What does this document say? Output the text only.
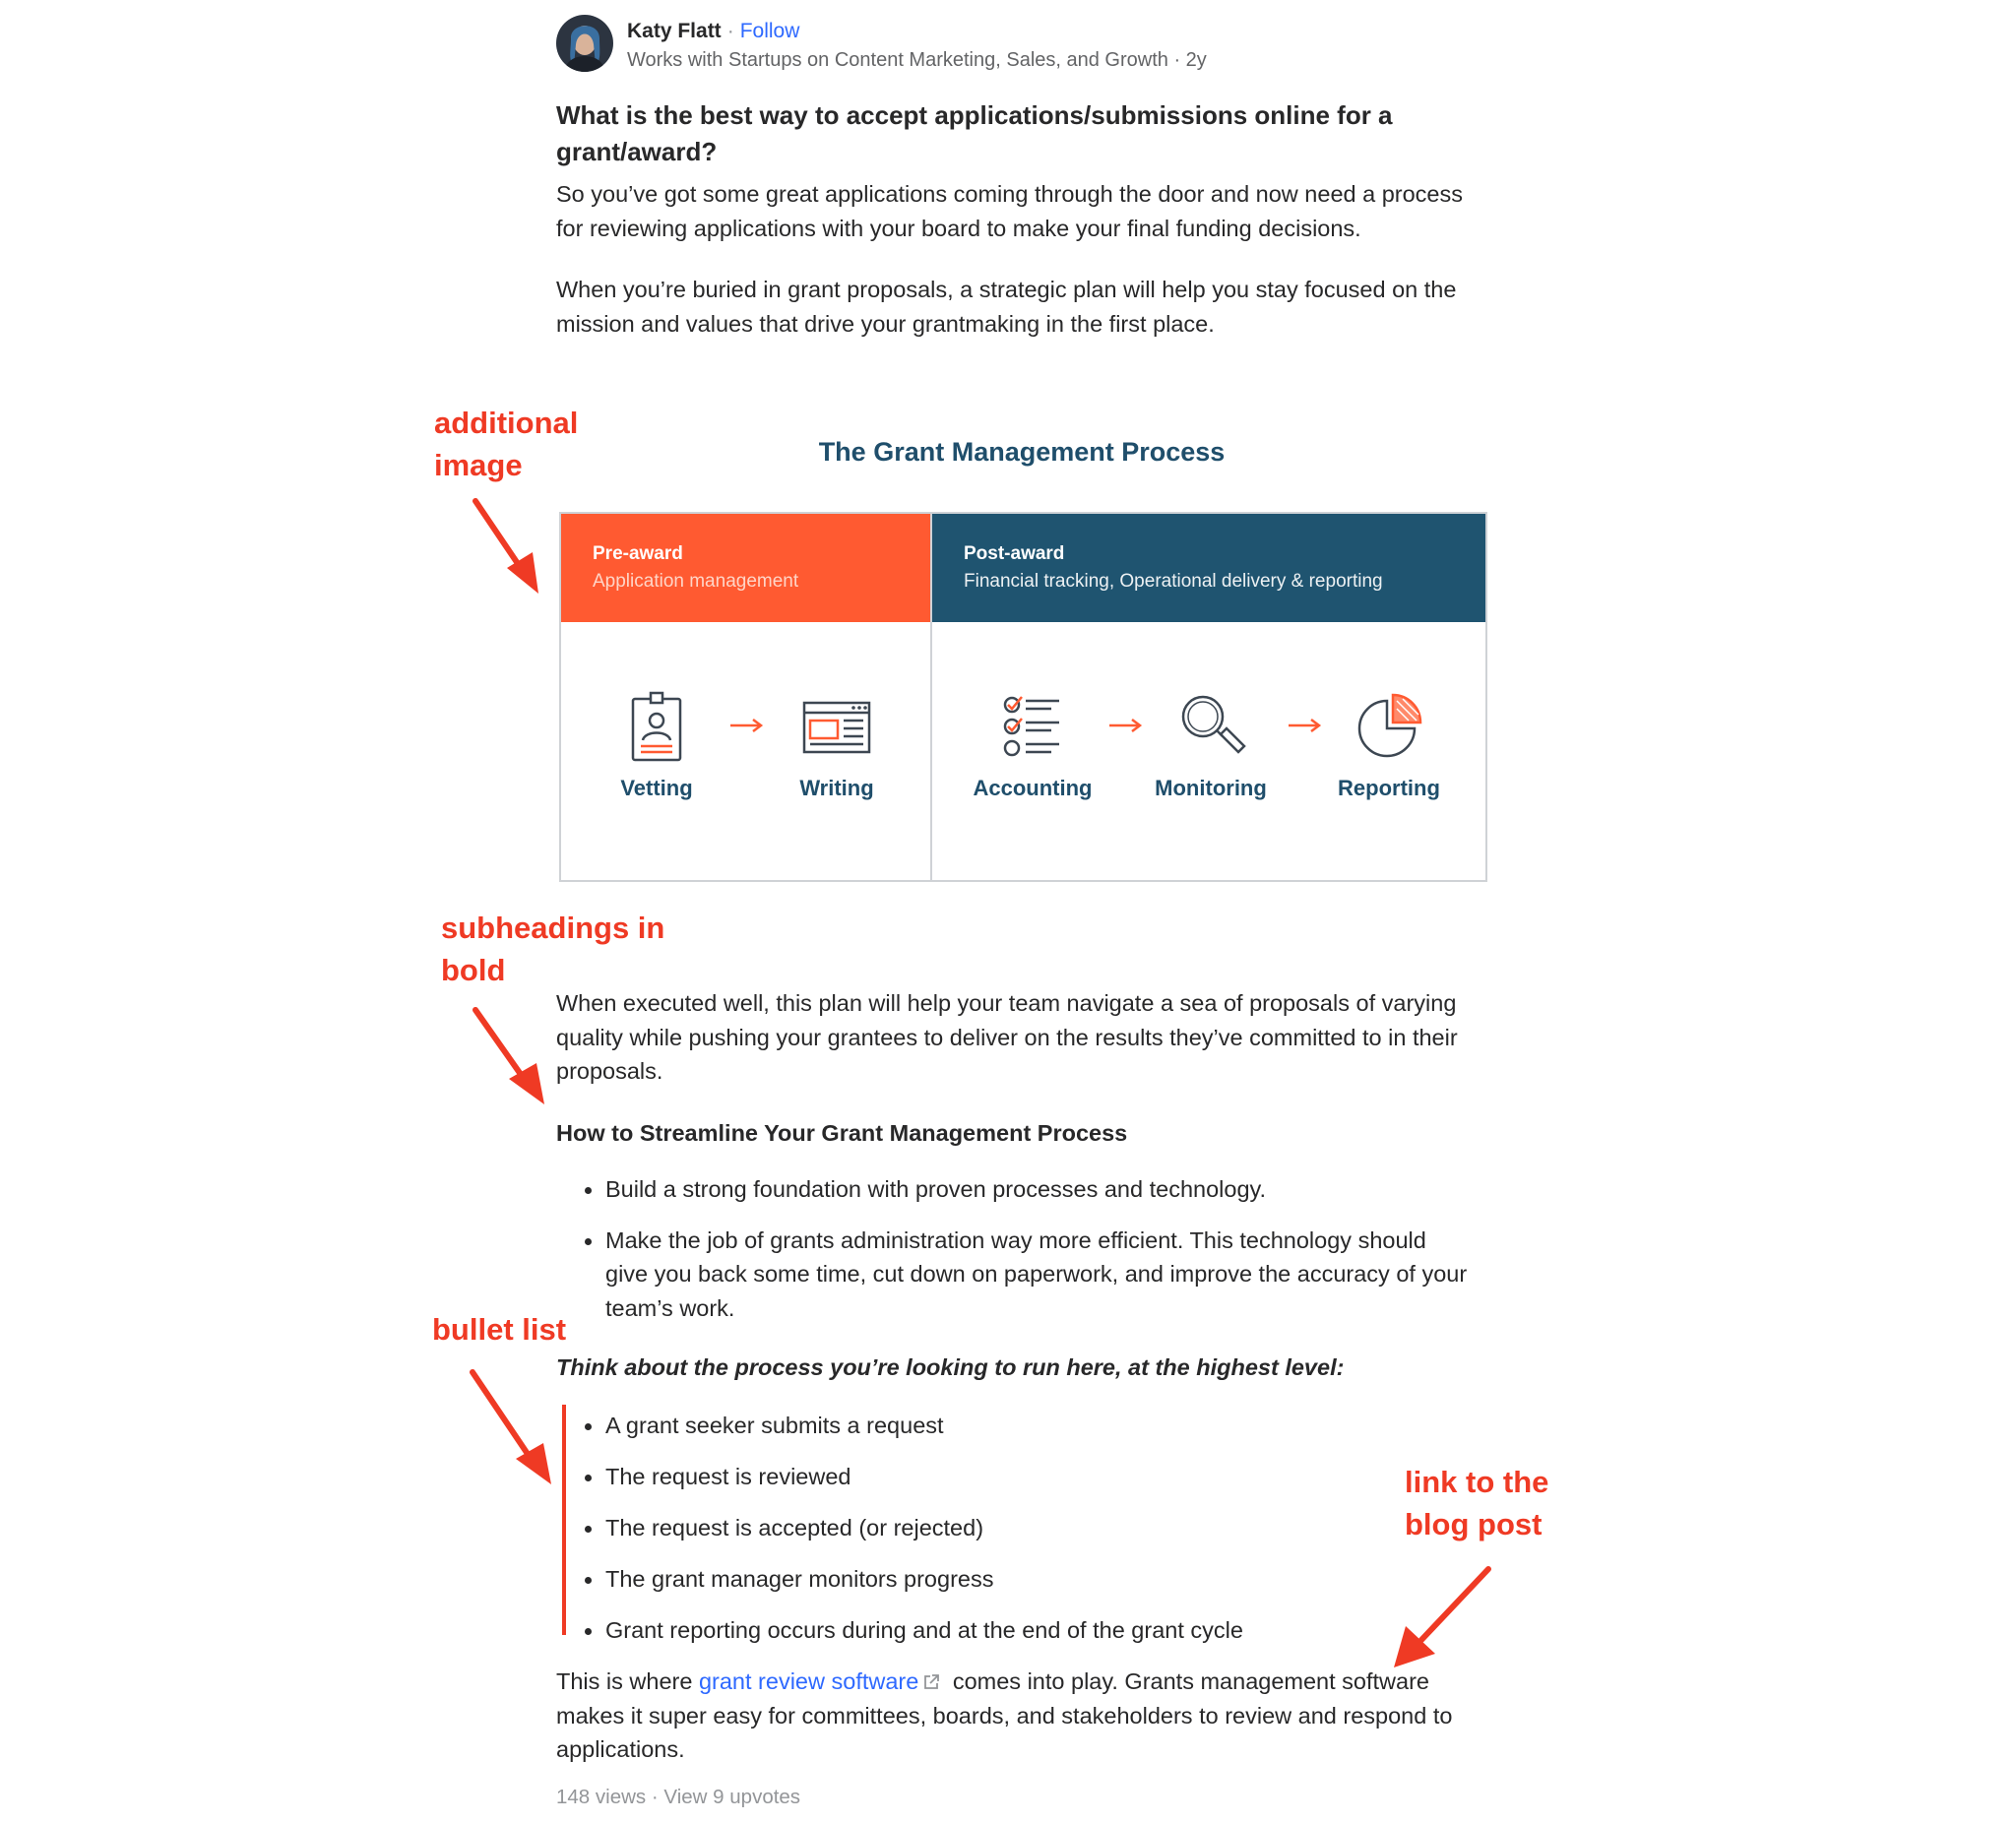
Katy Flatt · Follow
Works with Startups on Content Marketing, Sales, and Growth · 2y
What is the best way to accept applications/submissions online for a grant/award?

So you’ve got some great applications coming through the door and now need a process for reviewing applications with your board to make your final funding decisions.

When you’re buried in grant proposals, a strategic plan will help you stay focused on the mission and values that drive your grantmaking in the first place.

The Grant Management Process
Pre-award
Application management
Vetting	Writing
Post-award
Financial tracking, Operational delivery & reporting
Accounting	Monitoring	Reporting

When executed well, this plan will help your team navigate a sea of proposals of varying quality while pushing your grantees to deliver on the results they’ve committed to in their proposals.

How to Streamline Your Grant Management Process
Build a strong foundation with proven processes and technology.
Make the job of grants administration way more efficient. This technology should give you back some time, cut down on paperwork, and improve the accuracy of your team’s work.
Think about the process you’re looking to run here, at the highest level:
A grant seeker submits a request
The request is reviewed
The request is accepted (or rejected)
The grant manager monitors progress
Grant reporting occurs during and at the end of the grant cycle

This is where grant review software comes into play. Grants management software makes it super easy for committees, boards, and stakeholders to review and respond to applications.

148 views · View 9 upvotes
additional
image
subheadings in
bold
bullet list
link to the
blog post
